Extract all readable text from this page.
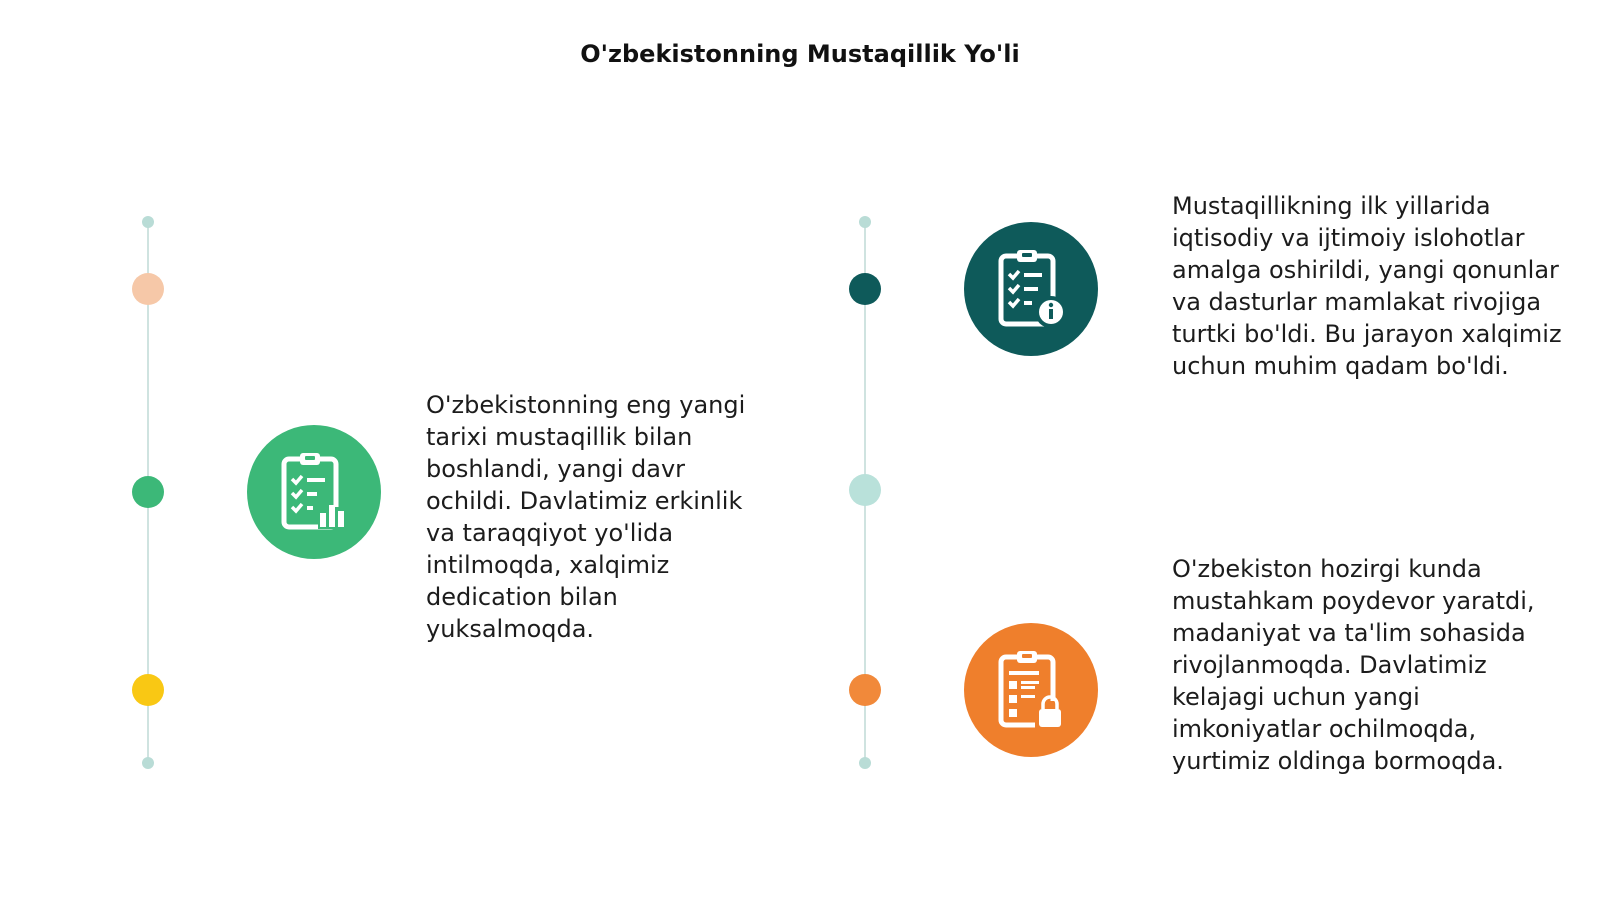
O'zbekistonning Mustaqillik Yo'li
O'zbekistonning eng yangi tarixi mustaqillik bilan boshlandi, yangi davr ochildi. Davlatimiz erkinlik va taraqqiyot yo'lida intilmoqda, xalqimiz dedication bilan yuksalmoqda.
Mustaqillikning ilk yillarida iqtisodiy va ijtimoiy islohotlar amalga oshirildi, yangi qonunlar va dasturlar mamlakat rivojiga turtki bo'ldi. Bu jarayon xalqimiz uchun muhim qadam bo'ldi.
O'zbekiston hozirgi kunda mustahkam poydevor yaratdi, madaniyat va ta'lim sohasida rivojlanmoqda. Davlatimiz kelajagi uchun yangi imkoniyatlar ochilmoqda, yurtimiz oldinga bormoqda.
